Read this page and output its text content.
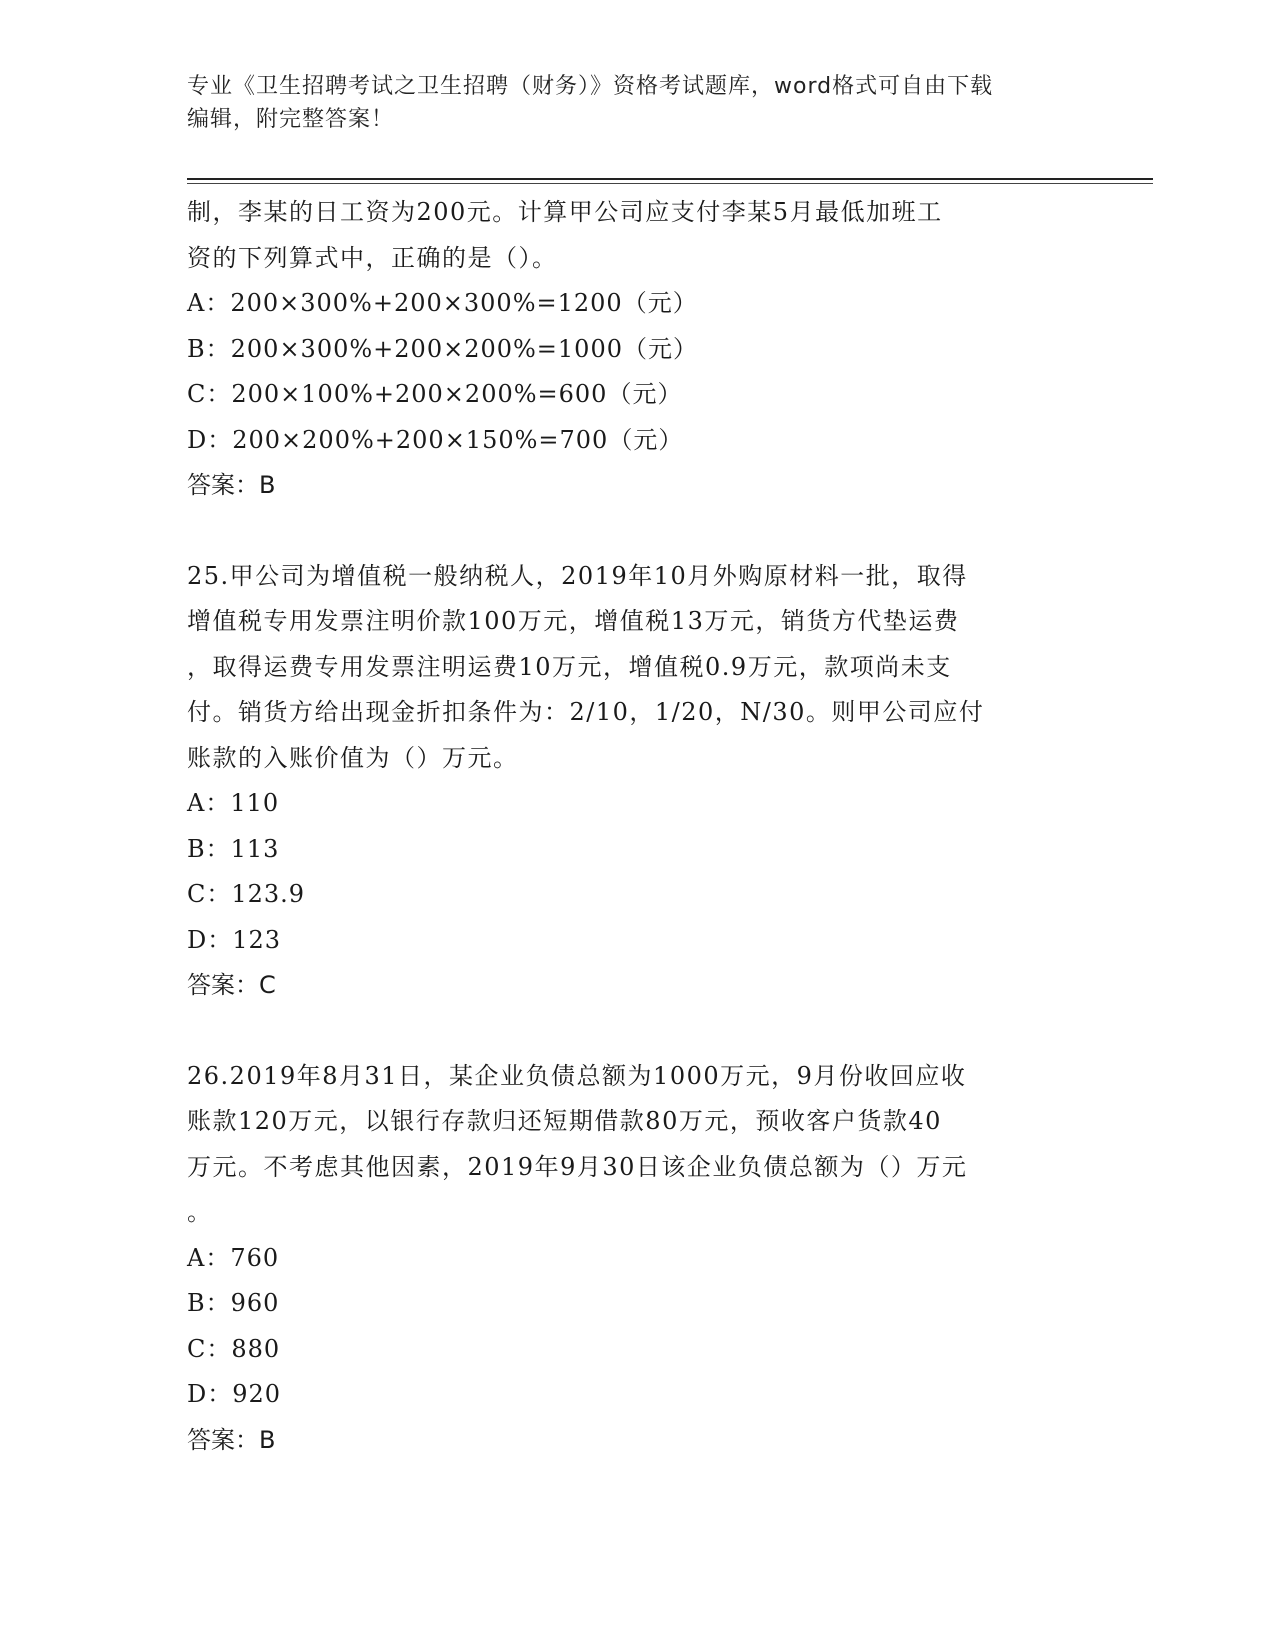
专业《卫生招聘考试之卫生招聘（财务）》资格考试题库，word格式可自由下载
编辑，附完整答案！

制，李某的日工资为200元。计算甲公司应支付李某5月最低加班工

资的下列算式中，正确的是（）。

A：200×300%+200×300%=1200（元）

B：200×300%+200×200%=1000（元）

C：200×100%+200×200%=600（元）

D：200×200%+200×150%=700（元）

答案：B

25.甲公司为增值税一般纳税人，2019年10月外购原材料一批，取得

增值税专用发票注明价款100万元，增值税13万元，销货方代垫运费

，取得运费专用发票注明运费10万元，增值税0.9万元，款项尚未支

付。销货方给出现金折扣条件为：2/10，1/20，N/30。则甲公司应付

账款的入账价值为（）万元。

A：110

B：113

C：123.9

D：123

答案：C

26.2019年8月31日，某企业负债总额为1000万元，9月份收回应收

账款120万元，以银行存款归还短期借款80万元，预收客户货款40

万元。不考虑其他因素，2019年9月30日该企业负债总额为（）万元

。

A：760

B：960

C：880

D：920

答案：B
